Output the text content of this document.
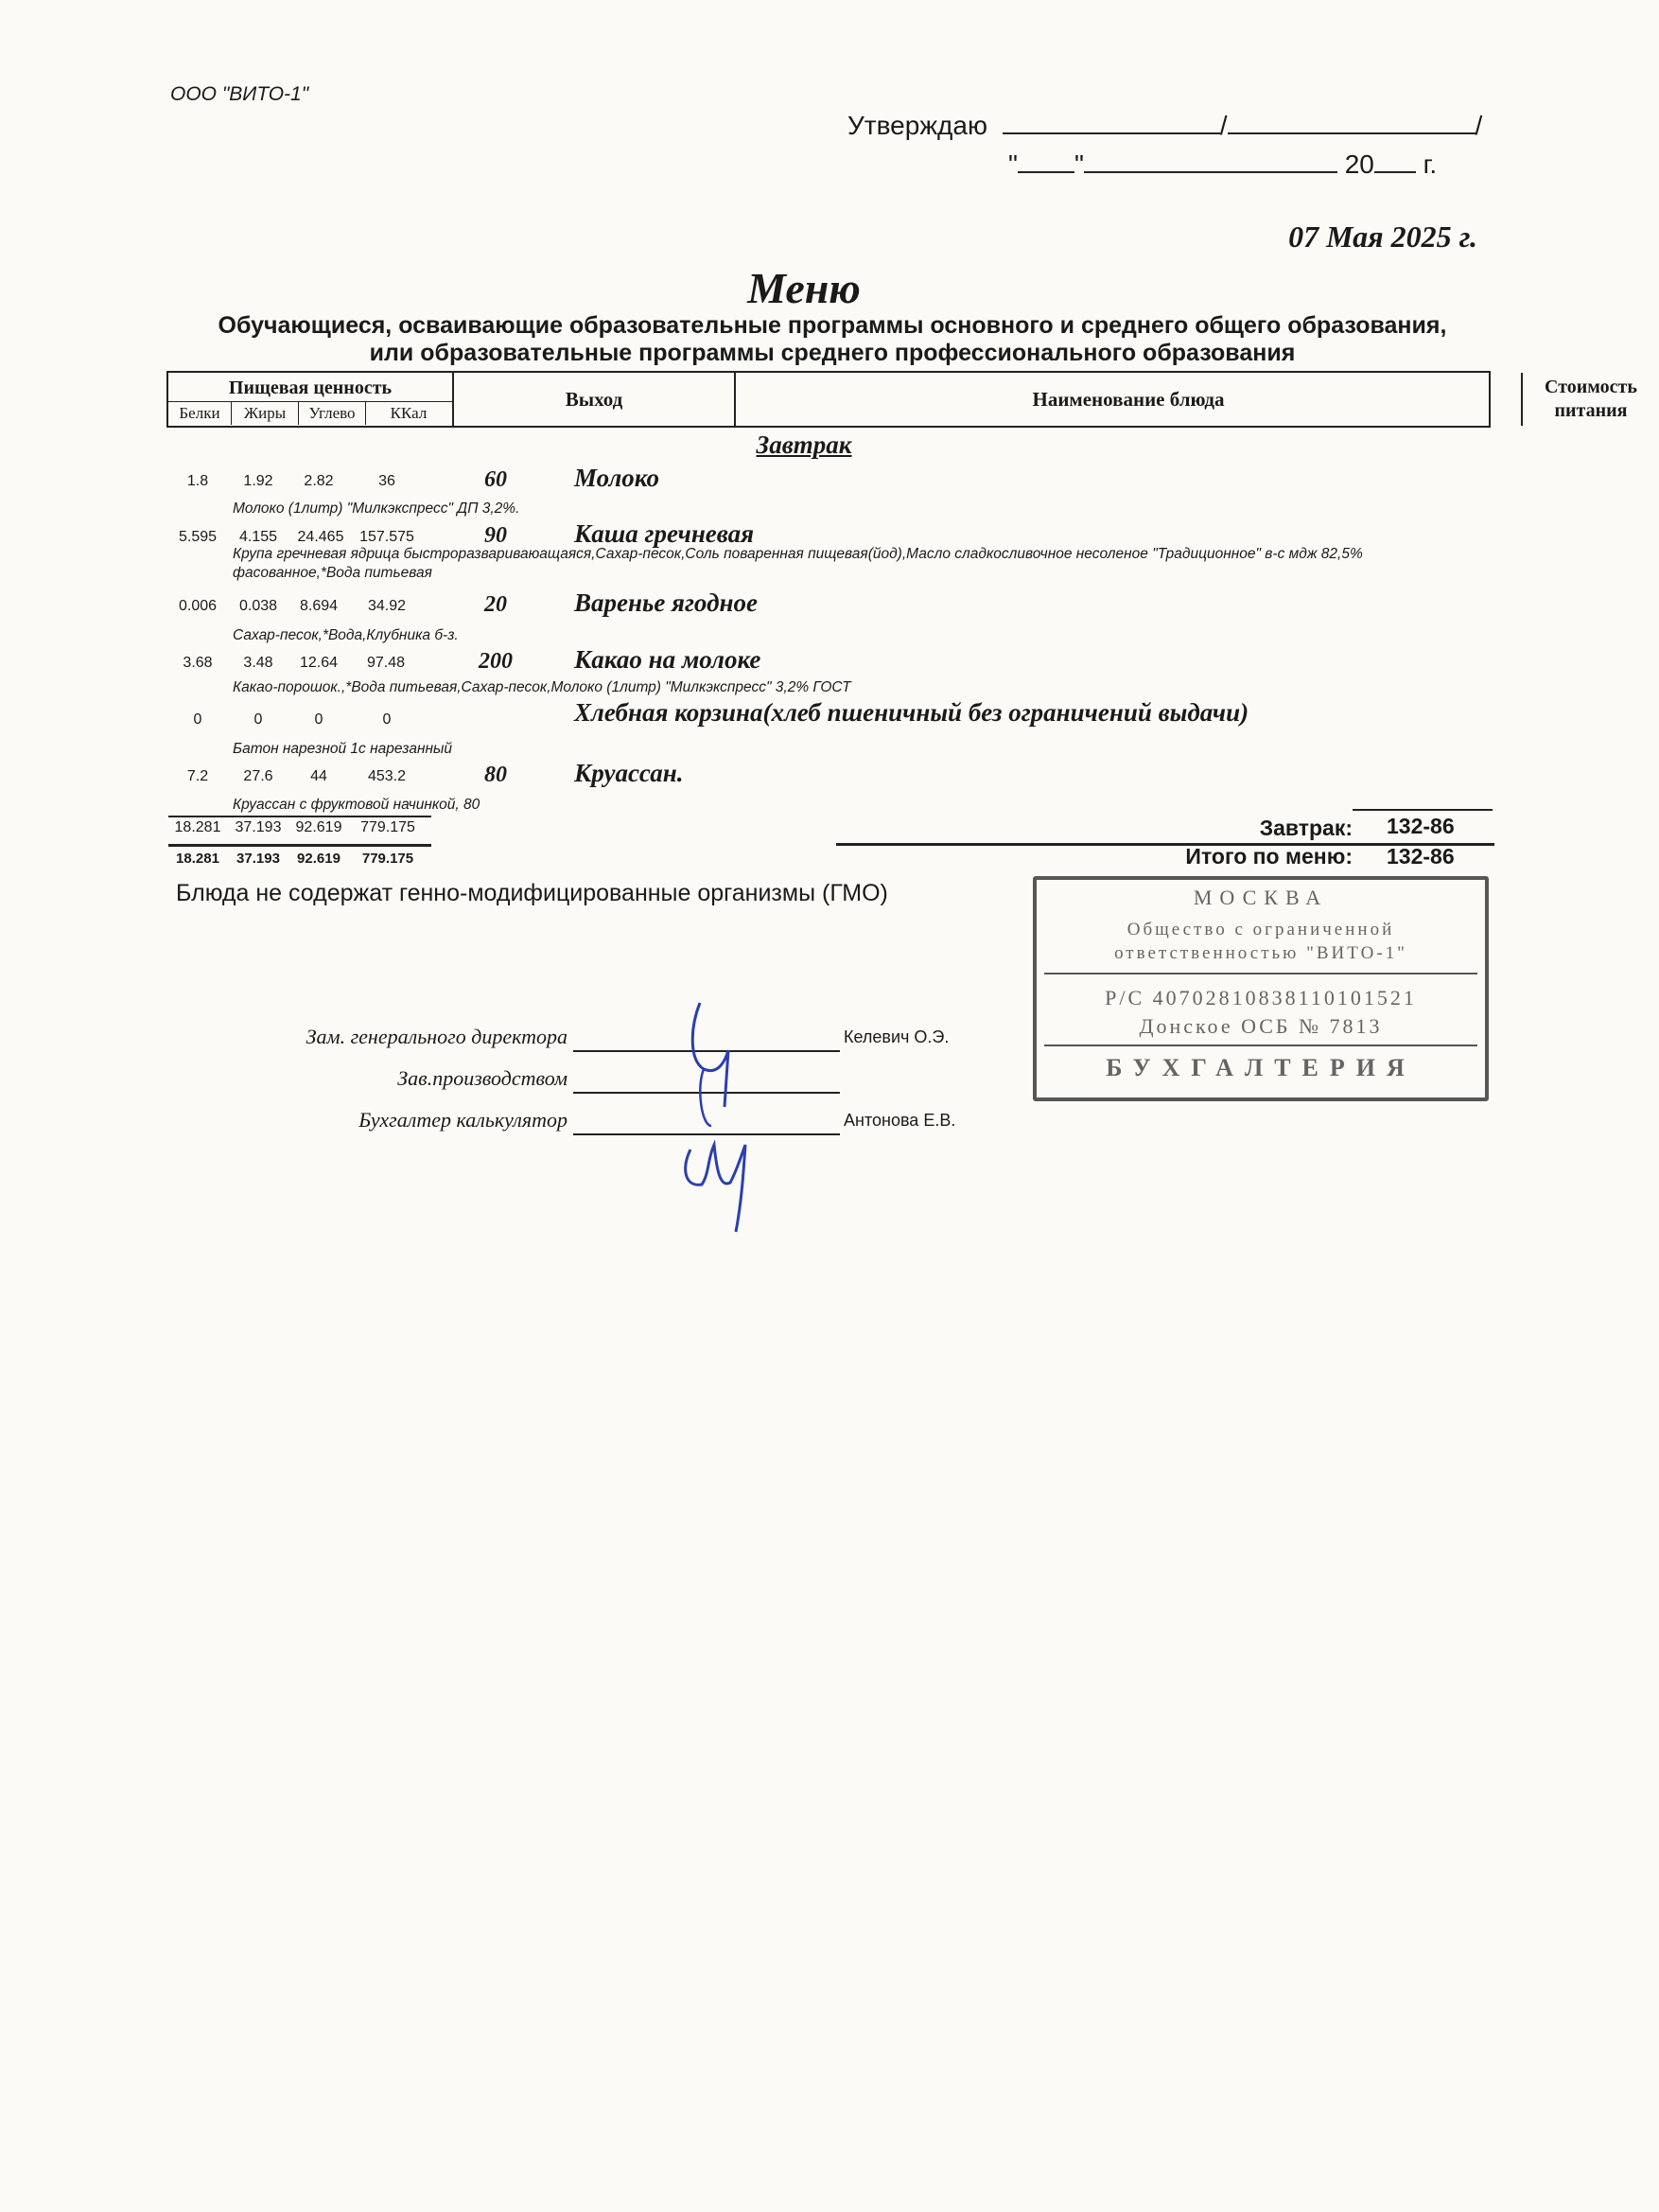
ООО "ВИТО-1"
Утверждаю	/	/
" "	20 г.
07 Мая 2025 г.
Меню
Обучающиеся, осваивающие образовательные программы основного и среднего общего образования, или образовательные программы среднего профессионального образования
Пищевая ценность
Белки	Жиры	Углево	ККал
Выход	Наименование блюда
Стоимость питания
Завтрак
1.8	1.92	2.82	36	60	Молоко
Молоко (1литр) "Милкэкспресс" ДП 3,2%.
5.595	4.155	24.465	157.575	90	Каша гречневая
Крупа гречневая ядрица быстроразвариваюащаяся,Сахар-песок,Соль поваренная пищевая(йод),Масло сладкосливочное несоленое "Традиционное" в-с мдж 82,5% фасованное,*Вода питьевая
0.006	0.038	8.694	34.92	20	Варенье ягодное
Сахар-песок,*Вода,Клубника б-з.
3.68	3.48	12.64	97.48	200	Какао на молоке
Какао-порошок.,*Вода питьевая,Сахар-песок,Молоко (1литр) "Милкэкспресс" 3,2% ГОСТ
0	0	0	0	Хлебная корзина(хлеб пшеничный без ограничений выдачи)
Батон нарезной 1с нарезанный
7.2	27.6	44	453.2	80	Круассан.
Круассан с фруктовой начинкой, 80
18.281 37.193 92.619	779.175	Завтрак: 132-86
18.281	37.193	92.619	779.175	Итого по меню: 132-86
Блюда не содержат генно-модифицированные организмы (ГМО)
Зам. генерального директора	Келевич О.Э.
Зав.производством
Бухгалтер калькулятор	Антонова Е.В.
МОСКВА
Общество с ограниченной
ответственностью "ВИТО-1"
Р/С 40702810838110101521
Донское ОСБ № 7813
БУХГАЛТЕРИЯ
